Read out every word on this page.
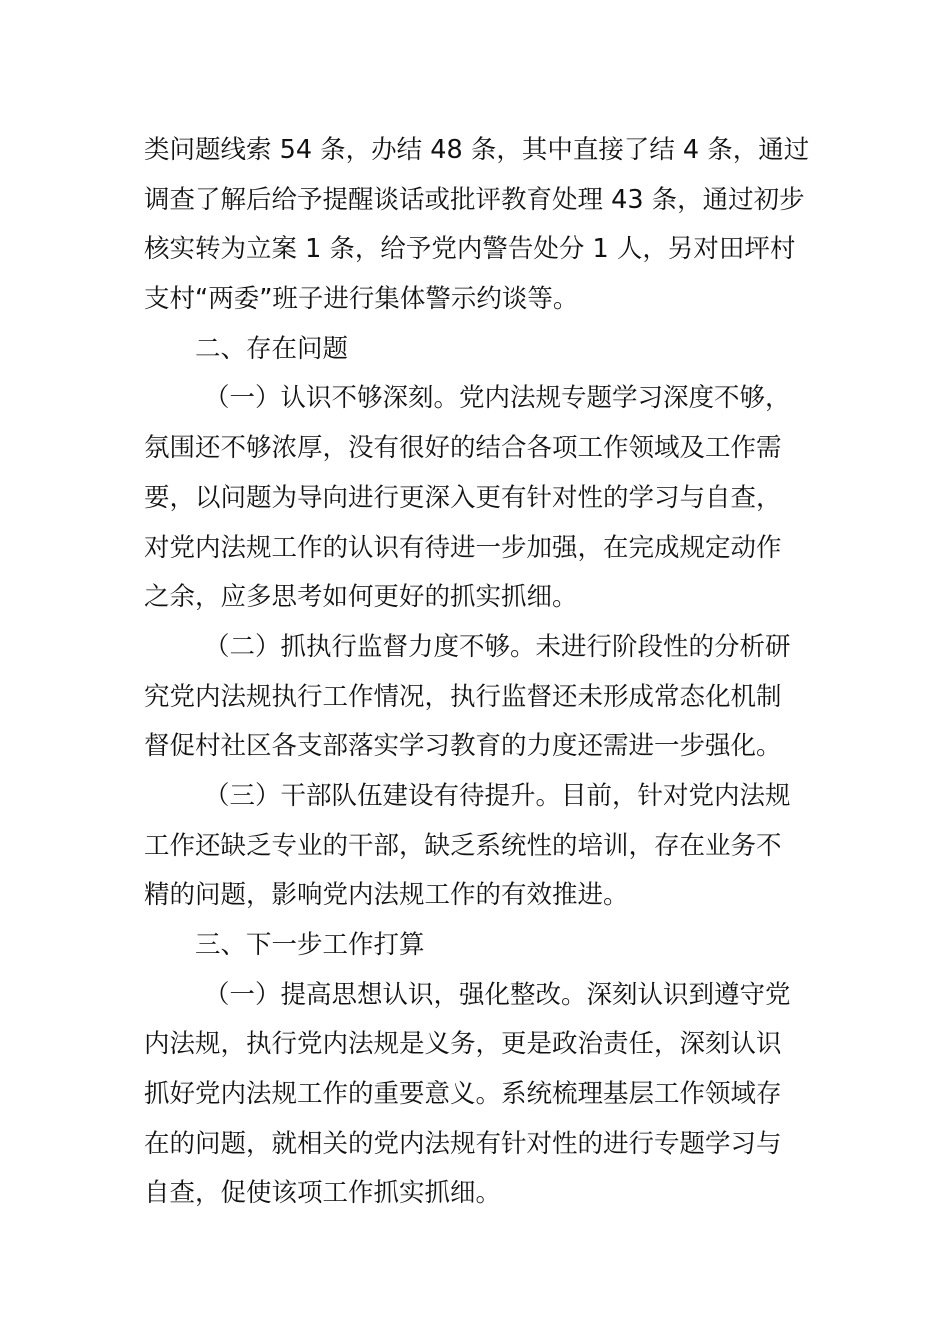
类问题线索 54 条，办结 48 条，其中直接了结 4 条，通过
调查了解后给予提醒谈话或批评教育处理 43 条，通过初步
核实转为立案 1 条，给予党内警告处分 1 人，另对田坪村
支村“两委”班子进行集体警示约谈等。
二、存在问题
（一）认识不够深刻。党内法规专题学习深度不够，
氛围还不够浓厚，没有很好的结合各项工作领域及工作需
要，以问题为导向进行更深入更有针对性的学习与自查，
对党内法规工作的认识有待进一步加强，在完成规定动作
之余，应多思考如何更好的抓实抓细。
（二）抓执行监督力度不够。未进行阶段性的分析研
究党内法规执行工作情况，执行监督还未形成常态化机制
督促村社区各支部落实学习教育的力度还需进一步强化。
（三）干部队伍建设有待提升。目前，针对党内法规
工作还缺乏专业的干部，缺乏系统性的培训，存在业务不
精的问题，影响党内法规工作的有效推进。
三、下一步工作打算
（一）提高思想认识，强化整改。深刻认识到遵守党
内法规，执行党内法规是义务，更是政治责任，深刻认识
抓好党内法规工作的重要意义。系统梳理基层工作领域存
在的问题，就相关的党内法规有针对性的进行专题学习与
自查，促使该项工作抓实抓细。
